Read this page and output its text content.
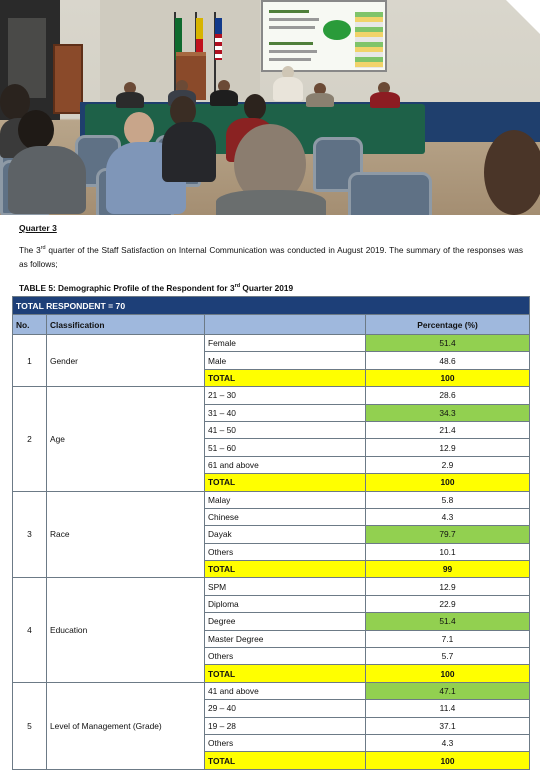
Quarter 3

The 3rd quarter of the Staff Satisfaction on Internal Communication was conducted in August 2019. The summary of the responses was as follows;

TABLE 5: Demographic Profile of the Respondent for 3rd Quarter 2019
TOTAL RESPONDENT = 70			
No.	Classification		Percentage (%)
1	Gender	Female	51.4
		Male	48.6
		TOTAL	100
2	Age	21 – 30	28.6
		31 – 40	34.3
		41 – 50	21.4
		51 – 60	12.9
		61 and above	2.9
		TOTAL	100
3	Race	Malay	5.8
		Chinese	4.3
		Dayak	79.7
		Others	10.1
		TOTAL	99
4	Education	SPM	12.9
		Diploma	22.9
		Degree	51.4
		Master Degree	7.1
		Others	5.7
		TOTAL	100
5	Level of Management (Grade)	41 and above	47.1
		29 – 40	11.4
		19 – 28	37.1
		Others	4.3
		TOTAL	100
